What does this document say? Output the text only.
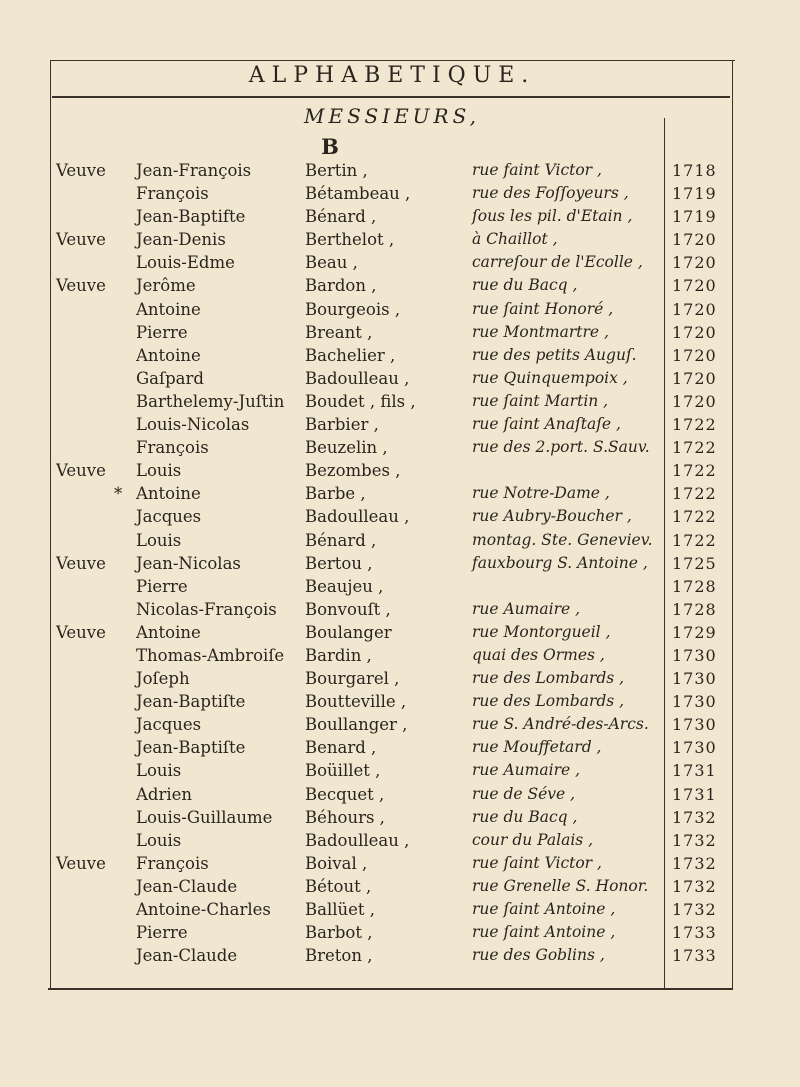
ALPHABETIQUE.
MESSIEURS,
B
Veuve Jean-François	Bertin ,	rue faint Victor ,	1718
François	Bétambeau ,	rue des Foſſoyeurs ,	1719
Jean-Baptifte	Bénard ,	ſous les pil. d'Etain , 1719
Veuve Jean-Denis	Berthelot ,	à Chaillot ,	1720
Louis-Edme	Beau ,	carreſour de l'Ecolle , 1720
Veuve Jerôme	Bardon ,	rue du Bacq ,	1720
Antoine	Bourgeois ,	rue ſaint Honoré ,	1720
Pierre	Breant ,	rue Montmartre ,	1720
Antoine	Bachelier ,	rue des petits Auguſ. 1720
Gaſpard	Badoulleau ,	rue Quinquempoix ,	1720
Barthelemy-Juſtin Boudet , fils ,	rue ſaint Martin ,	1720
Louis-Nicolas	Barbier ,	rue ſaint Anaſtaſe ,	1722
François	Beuzelin ,	rue des 2.port. S.Sauv. 1722
Veuve Louis	Bezombes ,	1722
* Antoine	Barbe ,	rue Notre-Dame ,	1722
Jacques	Badoulleau ,	rue Aubry-Boucher ,	1722
Louis	Bénard ,	montag. Ste. Geneviev. 1722
Veuve Jean-Nicolas	Bertou ,	fauxbourg S. Antoine , 1725
Pierre	Beaujeu ,	1728
Nicolas-François Bonvouſt ,	rue Aumaire ,	1728
Veuve Antoine	Boulanger	rue Montorgueil ,	1729
Thomas-Ambroiſe Bardin ,	quai des Ormes ,	1730
Joſeph	Bourgarel ,	rue des Lombards ,	1730
Jean-Baptiſte	Boutteville ,	rue des Lombards ,	1730
Jacques	Boullanger ,	rue S. André-des-Arcs. 1730
Jean-Baptiſte	Benard ,	rue Mouffetard ,	1730
Louis	Boüillet ,	rue Aumaire ,	1731
Adrien	Becquet ,	rue de Séve ,	1731
Louis-Guillaume Béhours ,	rue du Bacq ,	1732
Louis	Badoulleau ,	cour du Palais ,	1732
Veuve François	Boival ,	rue ſaint Victor ,	1732
Jean-Claude	Bétout ,	rue Grenelle S. Honor. 1732
Antoine-Charles Ballüet ,	rue ſaint Antoine ,	1732
Pierre	Barbot ,	rue ſaint Antoine ,	1733
Jean-Claude	Breton ,	rue des Goblins ,	1733
